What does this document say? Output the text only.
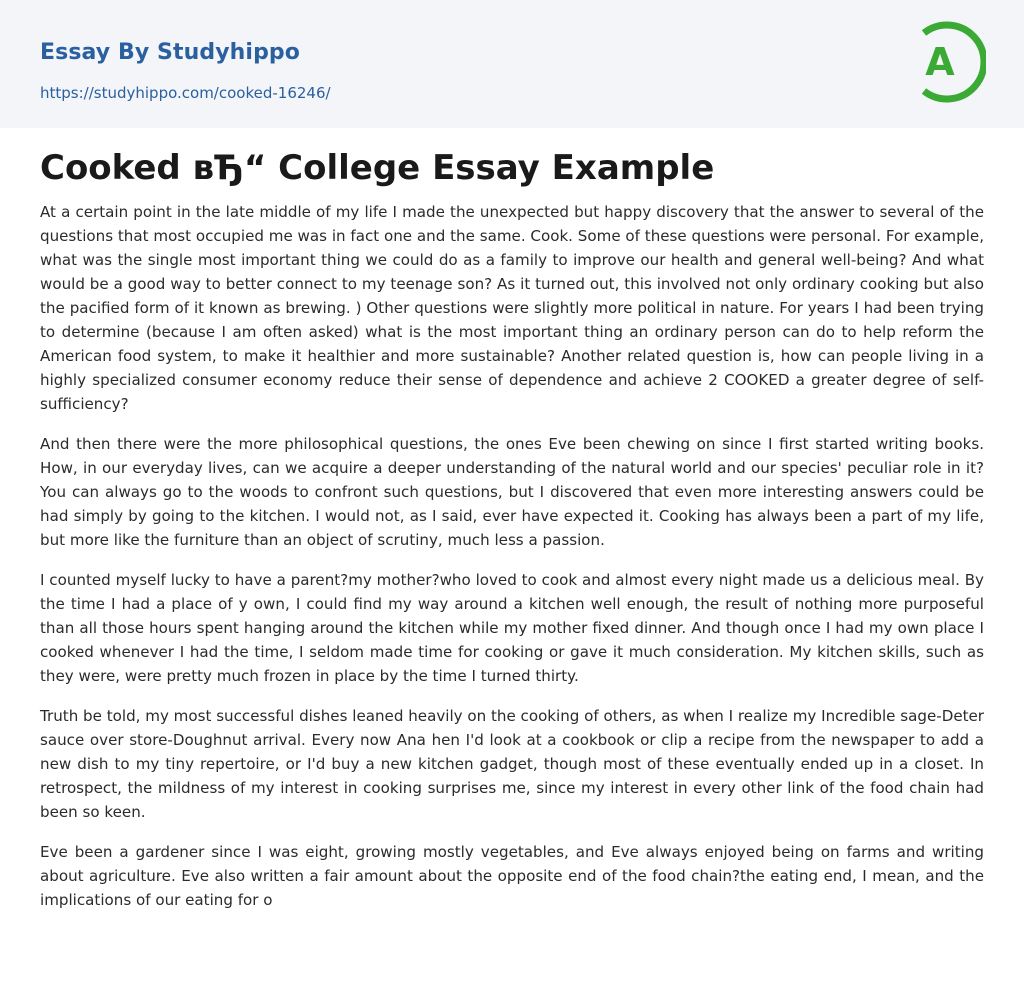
Essay By Studyhippo
https://studyhippo.com/cooked-16246/
A
Cooked вЂ“ College Essay Example

At a certain point in the late middle of my life I made the unexpected but happy discovery that the answer to several of the questions that most occupied me was in fact one and the same. Cook. Some of these questions were personal. For example, what was the single most important thing we could do as a family to improve our health and general well-being? And what would be a good way to better connect to my teenage son? As it turned out, this involved not only ordinary cooking but also the pacified form of it known as brewing. ) Other questions were slightly more political in nature. For years I had been trying to determine (because I am often asked) what is the most important thing an ordinary person can do to help reform the American food system, to make it healthier and more sustainable? Another related question is, how can people living in a highly specialized consumer economy reduce their sense of dependence and achieve 2 COOKED a greater degree of self-sufficiency?

And then there were the more philosophical questions, the ones Eve been chewing on since I first started writing books. How, in our everyday lives, can we acquire a deeper understanding of the natural world and our species' peculiar role in it? You can always go to the woods to confront such questions, but I discovered that even more interesting answers could be had simply by going to the kitchen. I would not, as I said, ever have expected it. Cooking has always been a part of my life, but more like the furniture than an object of scrutiny, much less a passion.

I counted myself lucky to have a parent?my mother?who loved to cook and almost every night made us a delicious meal. By the time I had a place of y own, I could find my way around a kitchen well enough, the result of nothing more purposeful than all those hours spent hanging around the kitchen while my mother fixed dinner. And though once I had my own place I cooked whenever I had the time, I seldom made time for cooking or gave it much consideration. My kitchen skills, such as they were, were pretty much frozen in place by the time I turned thirty.

Truth be told, my most successful dishes leaned heavily on the cooking of others, as when I realize my Incredible sage-Deter sauce over store-Doughnut arrival. Every now Ana hen I'd look at a cookbook or clip a recipe from the newspaper to add a new dish to my tiny repertoire, or I'd buy a new kitchen gadget, though most of these eventually ended up in a closet. In retrospect, the mildness of my interest in cooking surprises me, since my interest in every other link of the food chain had been so keen.

Eve been a gardener since I was eight, growing mostly vegetables, and Eve always enjoyed being on farms and writing about agriculture. Eve also written a fair amount about the opposite end of the food chain?the eating end, I mean, and the implications of our eating for o
